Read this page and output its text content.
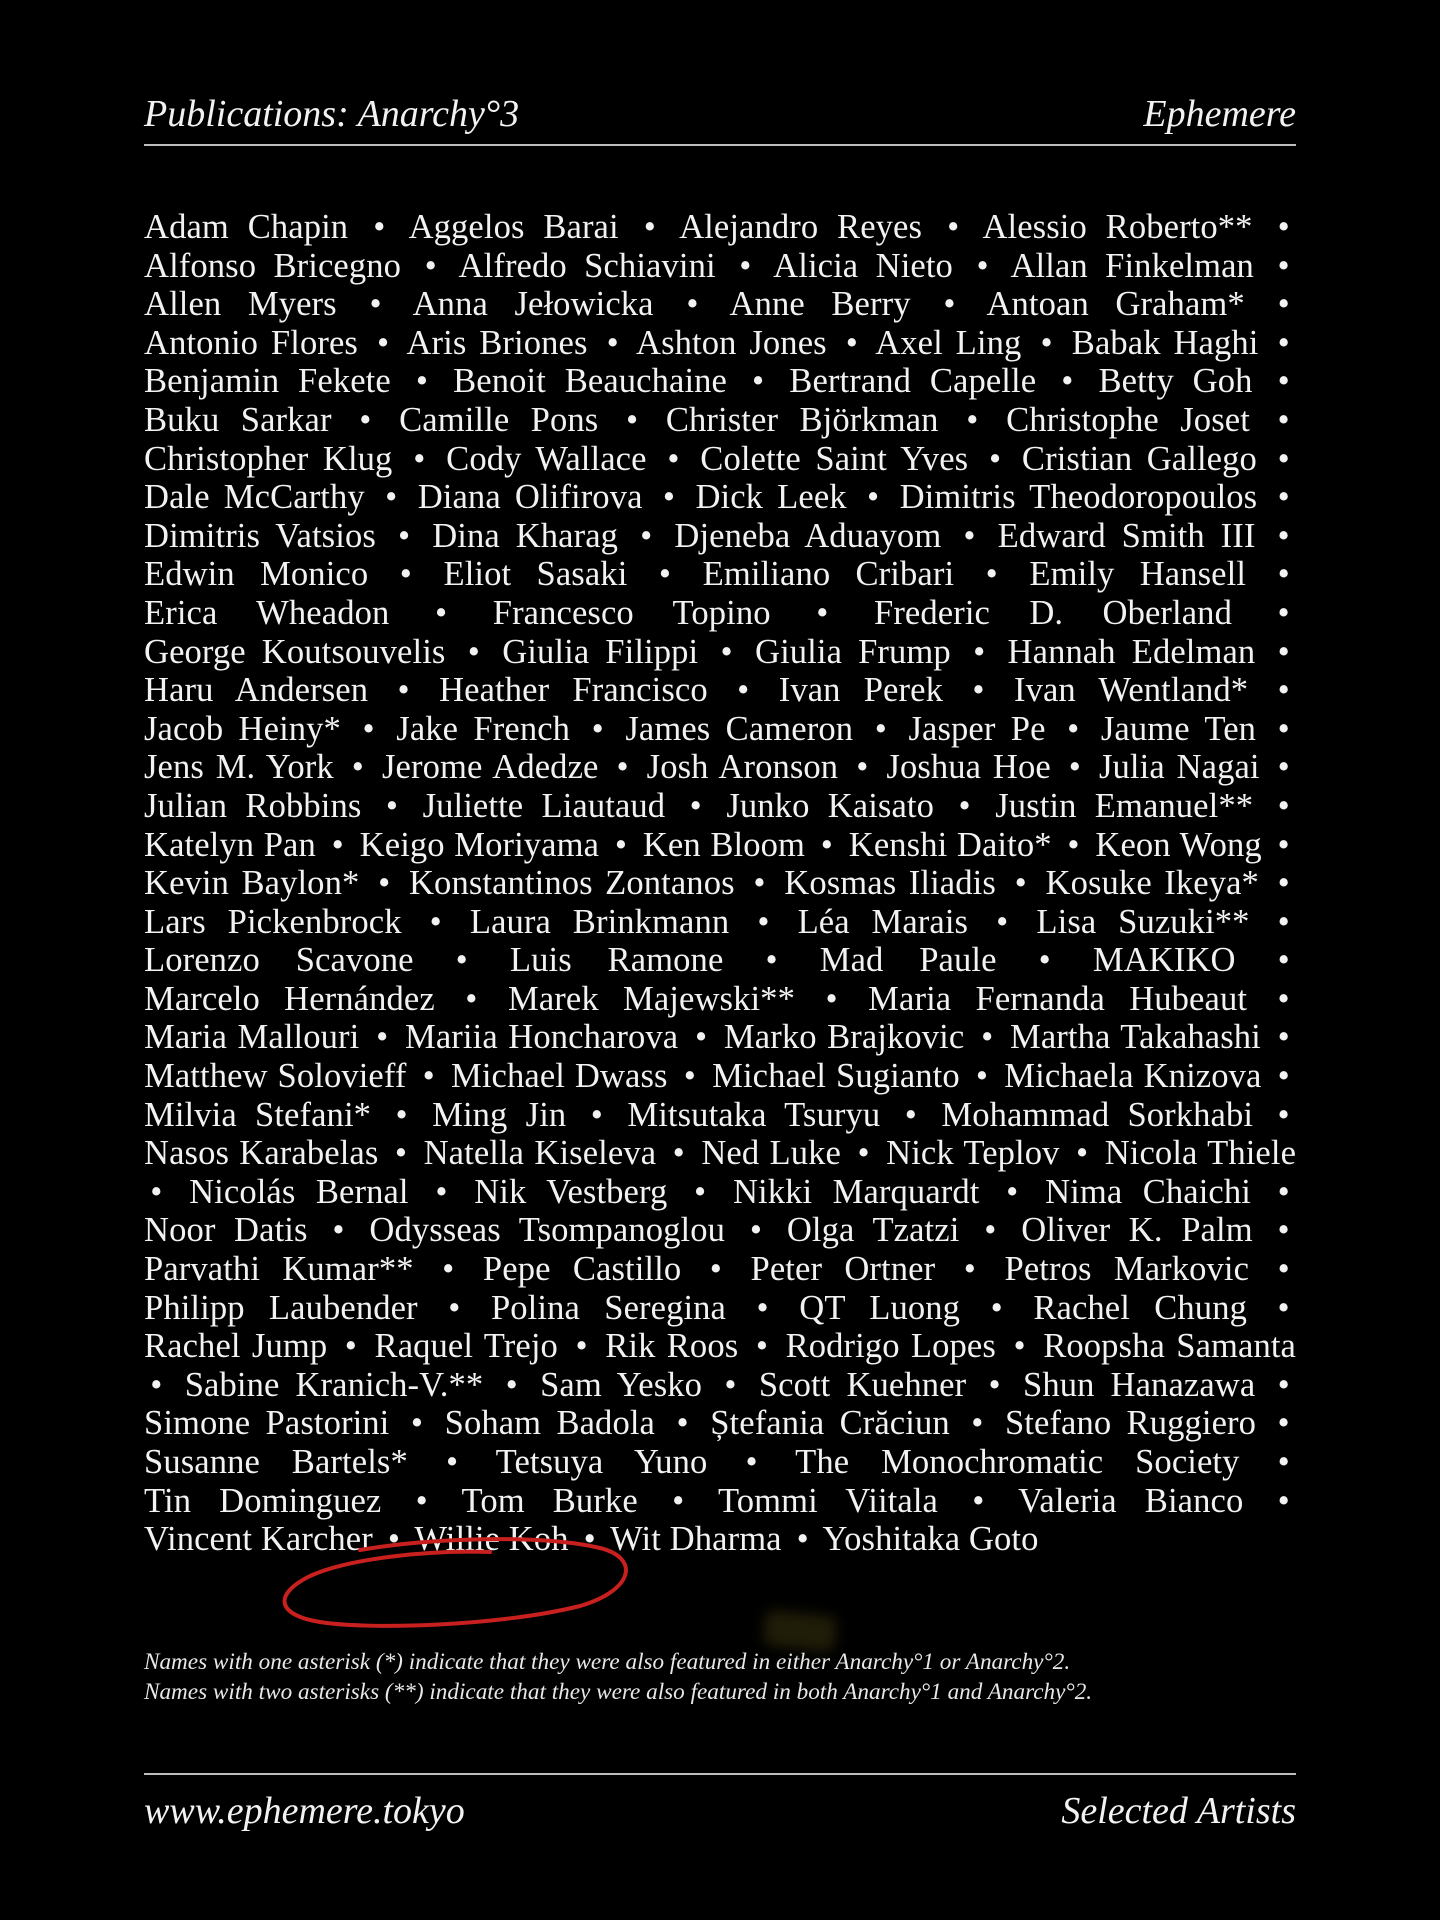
Publications: Anarchy°3	Ephemere
Adam Chapin • Aggelos Barai • Alejandro Reyes • Alessio Roberto** • Alfonso Bricegno • Alfredo Schiavini • Alicia Nieto • Allan Finkelman • Allen Myers • Anna Jełowicka • Anne Berry • Antoan Graham* • Antonio Flores • Aris Briones • Ashton Jones • Axel Ling • Babak Haghi • Benjamin Fekete • Benoit Beauchaine • Bertrand Capelle • Betty Goh • Buku Sarkar • Camille Pons • Christer Björkman • Christophe Joset • Christopher Klug • Cody Wallace • Colette Saint Yves • Cristian Gallego • Dale McCarthy • Diana Olifirova • Dick Leek • Dimitris Theodoropoulos • Dimitris Vatsios • Dina Kharag • Djeneba Aduayom • Edward Smith III • Edwin Monico • Eliot Sasaki • Emiliano Cribari • Emily Hansell • Erica Wheadon • Francesco Topino • Frederic D. Oberland • George Koutsouvelis • Giulia Filippi • Giulia Frump • Hannah Edelman • Haru Andersen • Heather Francisco • Ivan Perek • Ivan Wentland* • Jacob Heiny* • Jake French • James Cameron • Jasper Pe • Jaume Ten • Jens M. York • Jerome Adedze • Josh Aronson • Joshua Hoe • Julia Nagai • Julian Robbins • Juliette Liautaud • Junko Kaisato • Justin Emanuel** • Katelyn Pan • Keigo Moriyama • Ken Bloom • Kenshi Daito* • Keon Wong • Kevin Baylon* • Konstantinos Zontanos • Kosmas Iliadis • Kosuke Ikeya* • Lars Pickenbrock • Laura Brinkmann • Léa Marais • Lisa Suzuki** • Lorenzo Scavone • Luis Ramone • Mad Paule • MAKIKO • Marcelo Hernández • Marek Majewski** • Maria Fernanda Hubeaut • Maria Mallouri • Mariia Honcharova • Marko Brajkovic • Martha Takahashi • Matthew Solovieff • Michael Dwass • Michael Sugianto • Michaela Knizova • Milvia Stefani* • Ming Jin • Mitsutaka Tsuryu • Mohammad Sorkhabi • Nasos Karabelas • Natella Kiseleva • Ned Luke • Nick Teplov • Nicola Thiele • Nicolás Bernal • Nik Vestberg • Nikki Marquardt • Nima Chaichi • Noor Datis • Odysseas Tsompanoglou • Olga Tzatzi • Oliver K. Palm • Parvathi Kumar** • Pepe Castillo • Peter Ortner • Petros Markovic • Philipp Laubender • Polina Seregina • QT Luong • Rachel Chung • Rachel Jump • Raquel Trejo • Rik Roos • Rodrigo Lopes • Roopsha Samanta • Sabine Kranich-V.** • Sam Yesko • Scott Kuehner • Shun Hanazawa • Simone Pastorini • Soham Badola • Ștefania Crăciun • Stefano Ruggiero • Susanne Bartels* • Tetsuya Yuno • The Monochromatic Society • Tin Dominguez • Tom Burke • Tommi Viitala • Valeria Bianco • Vincent Karcher • Willie Koh • Wit Dharma • Yoshitaka Goto
Names with one asterisk (*) indicate that they were also featured in either Anarchy°1 or Anarchy°2.
Names with two asterisks (**) indicate that they were also featured in both Anarchy°1 and Anarchy°2.
www.ephemere.tokyo	Selected Artists
